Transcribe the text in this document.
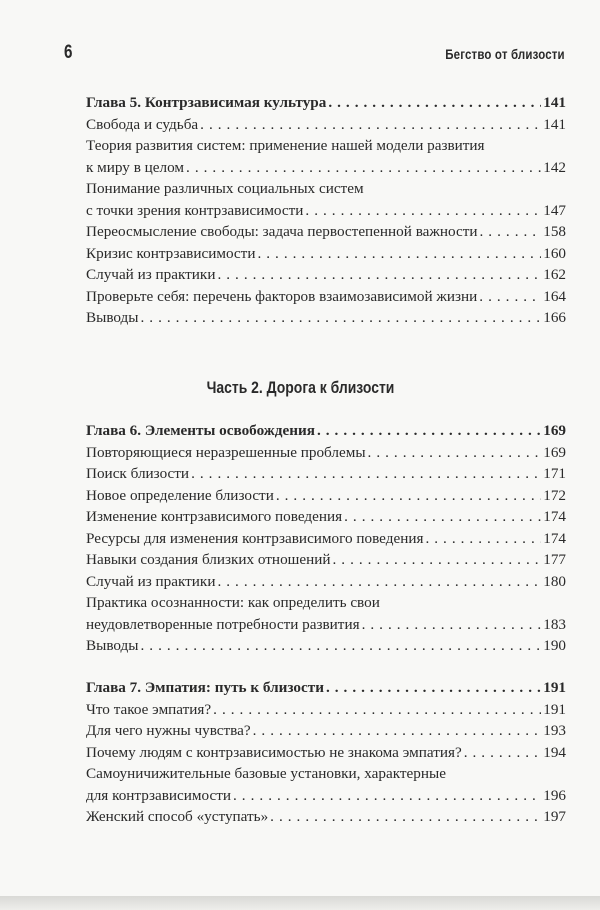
6	Бегство от близости
Глава 5. Контрзависимая культура . . .	141
Свобода и судьба . . .	141
Теория развития систем: применение нашей модели развития
к миру в целом . . .	142
Понимание различных социальных систем
с точки зрения контрзависимости . . .	147
Переосмысление свободы: задача первостепенной важности . . .	158
Кризис контрзависимости . . .	160
Случай из практики . . .	162
Проверьте себя: перечень факторов взаимозависимой жизни . . .	164
Выводы . . .	166
Часть 2. Дорога к близости
Глава 6. Элементы освобождения . . .	169
Повторяющиеся неразрешенные проблемы . . .	169
Поиск близости . . .	171
Новое определение близости . . .	172
Изменение контрзависимого поведения . . .	174
Ресурсы для изменения контрзависимого поведения . . .	174
Навыки создания близких отношений . . .	177
Случай из практики . . .	180
Практика осознанности: как определить свои
неудовлетворенные потребности развития . . .	183
Выводы . . .	190
Глава 7. Эмпатия: путь к близости . . .	191
Что такое эмпатия? . . .	191
Для чего нужны чувства? . . .	193
Почему людям с контрзависимостью не знакома эмпатия? . . .	194
Самоуничижительные базовые установки, характерные
для контрзависимости . . .	196
Женский способ «уступать» . . .	197
